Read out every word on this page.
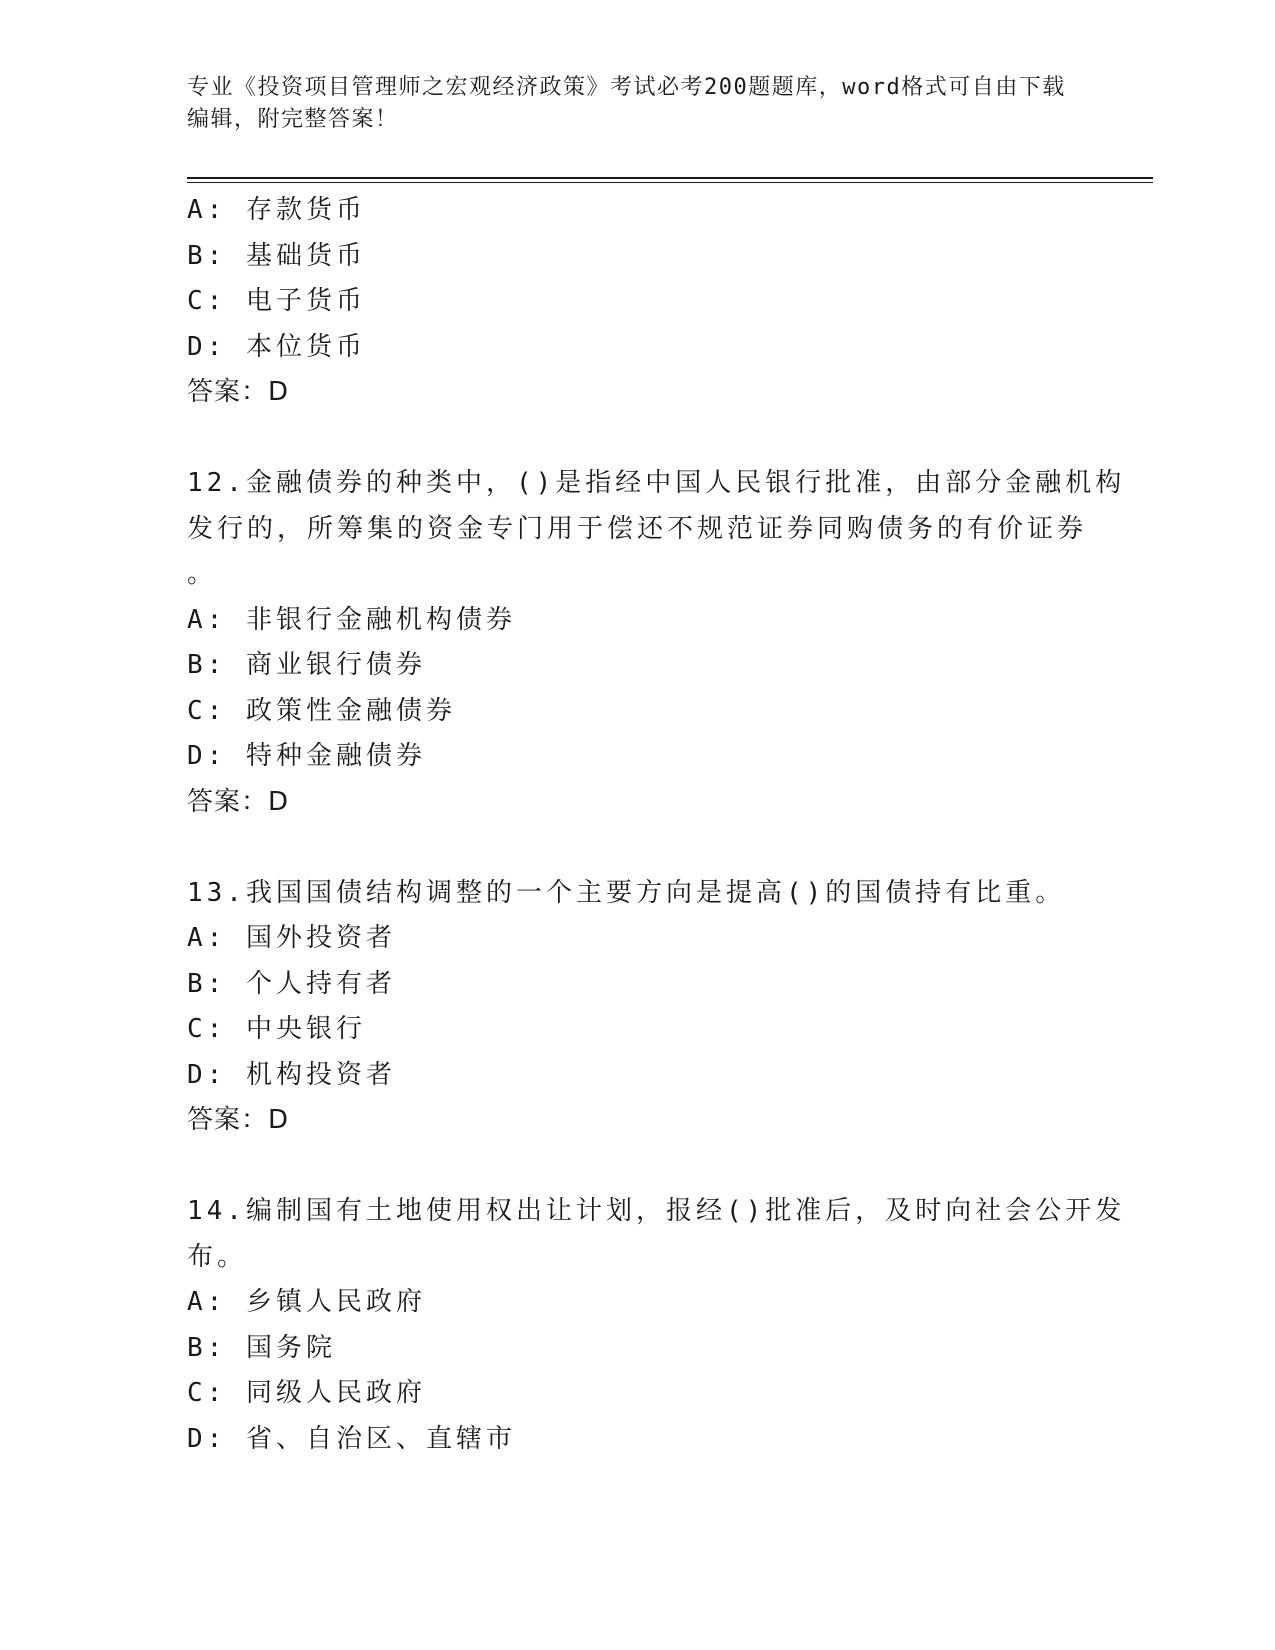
专业《投资项目管理师之宏观经济政策》考试必考200题题库，word格式可自由下载编辑，附完整答案！
A: 存款货币
B: 基础货币
C: 电子货币
D: 本位货币
答案：D
12.金融债券的种类中，()是指经中国人民银行批准，由部分金融机构
发行的，所筹集的资金专门用于偿还不规范证券同购债务的有价证券
。
A: 非银行金融机构债券
B: 商业银行债券
C: 政策性金融债券
D: 特种金融债券
答案：D
13.我国国债结构调整的一个主要方向是提高()的国债持有比重。
A: 国外投资者
B: 个人持有者
C: 中央银行
D: 机构投资者
答案：D
14.编制国有土地使用权出让计划，报经()批准后，及时向社会公开发
布。
A: 乡镇人民政府
B: 国务院
C: 同级人民政府
D: 省、自治区、直辖市
